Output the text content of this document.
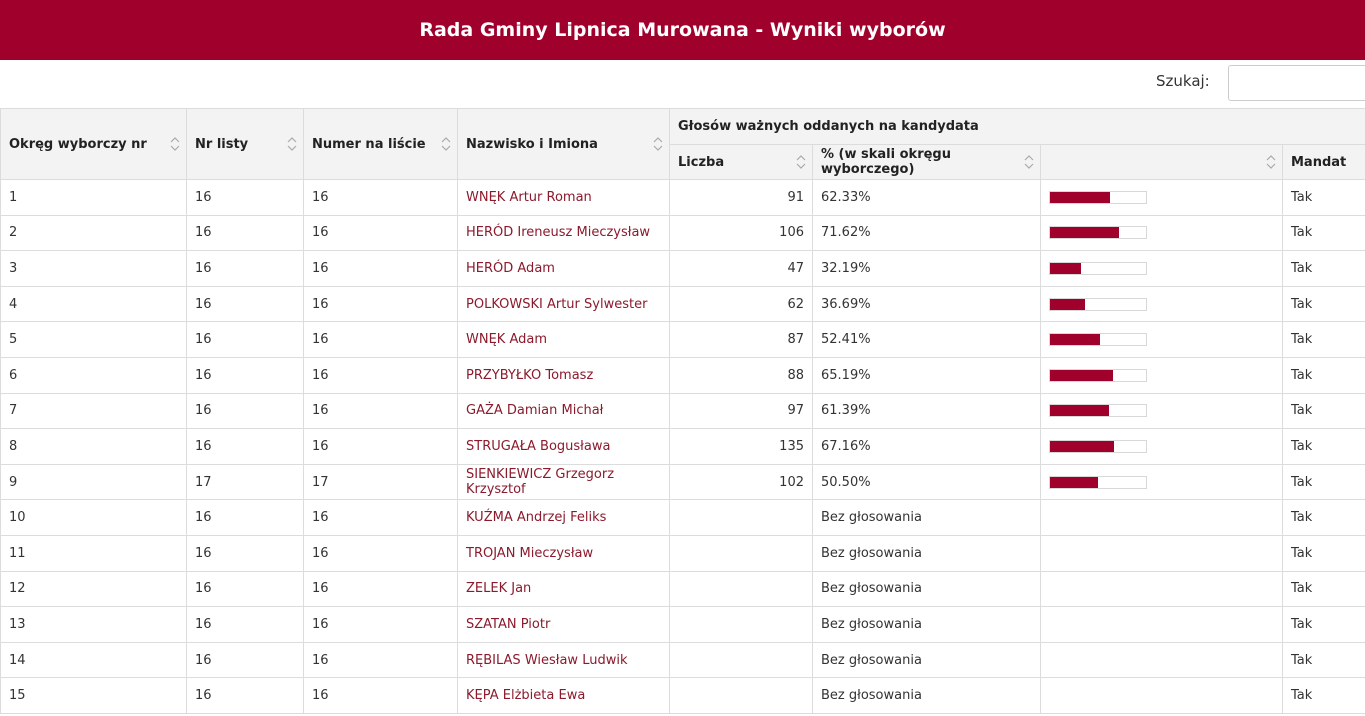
Rada Gminy Lipnica Murowana - Wyniki wyborów
Szukaj:
Okręg wyborczy nr	Nr listy	Numer na liście	Nazwisko i Imiona	Głosów ważnych oddanych na kandydata			
				Liczba	% (w skali okręgu wyborczego)		Mandat
1	16	16	WNĘK Artur Roman	91	62.33%		Tak
2	16	16	HERÓD Ireneusz Mieczysław	106	71.62%		Tak
3	16	16	HERÓD Adam	47	32.19%		Tak
4	16	16	POLKOWSKI Artur Sylwester	62	36.69%		Tak
5	16	16	WNĘK Adam	87	52.41%		Tak
6	16	16	PRZYBYŁKO Tomasz	88	65.19%		Tak
7	16	16	GAŻA Damian Michał	97	61.39%		Tak
8	16	16	STRUGAŁA Bogusława	135	67.16%		Tak
9	17	17	SIENKIEWICZ Grzegorz Krzysztof	102	50.50%		Tak
10	16	16	KUŹMA Andrzej Feliks		Bez głosowania		Tak
11	16	16	TROJAN Mieczysław		Bez głosowania		Tak
12	16	16	ZELEK Jan		Bez głosowania		Tak
13	16	16	SZATAN Piotr		Bez głosowania		Tak
14	16	16	RĘBILAS Wiesław Ludwik		Bez głosowania		Tak
15	16	16	KĘPA Elżbieta Ewa		Bez głosowania		Tak
